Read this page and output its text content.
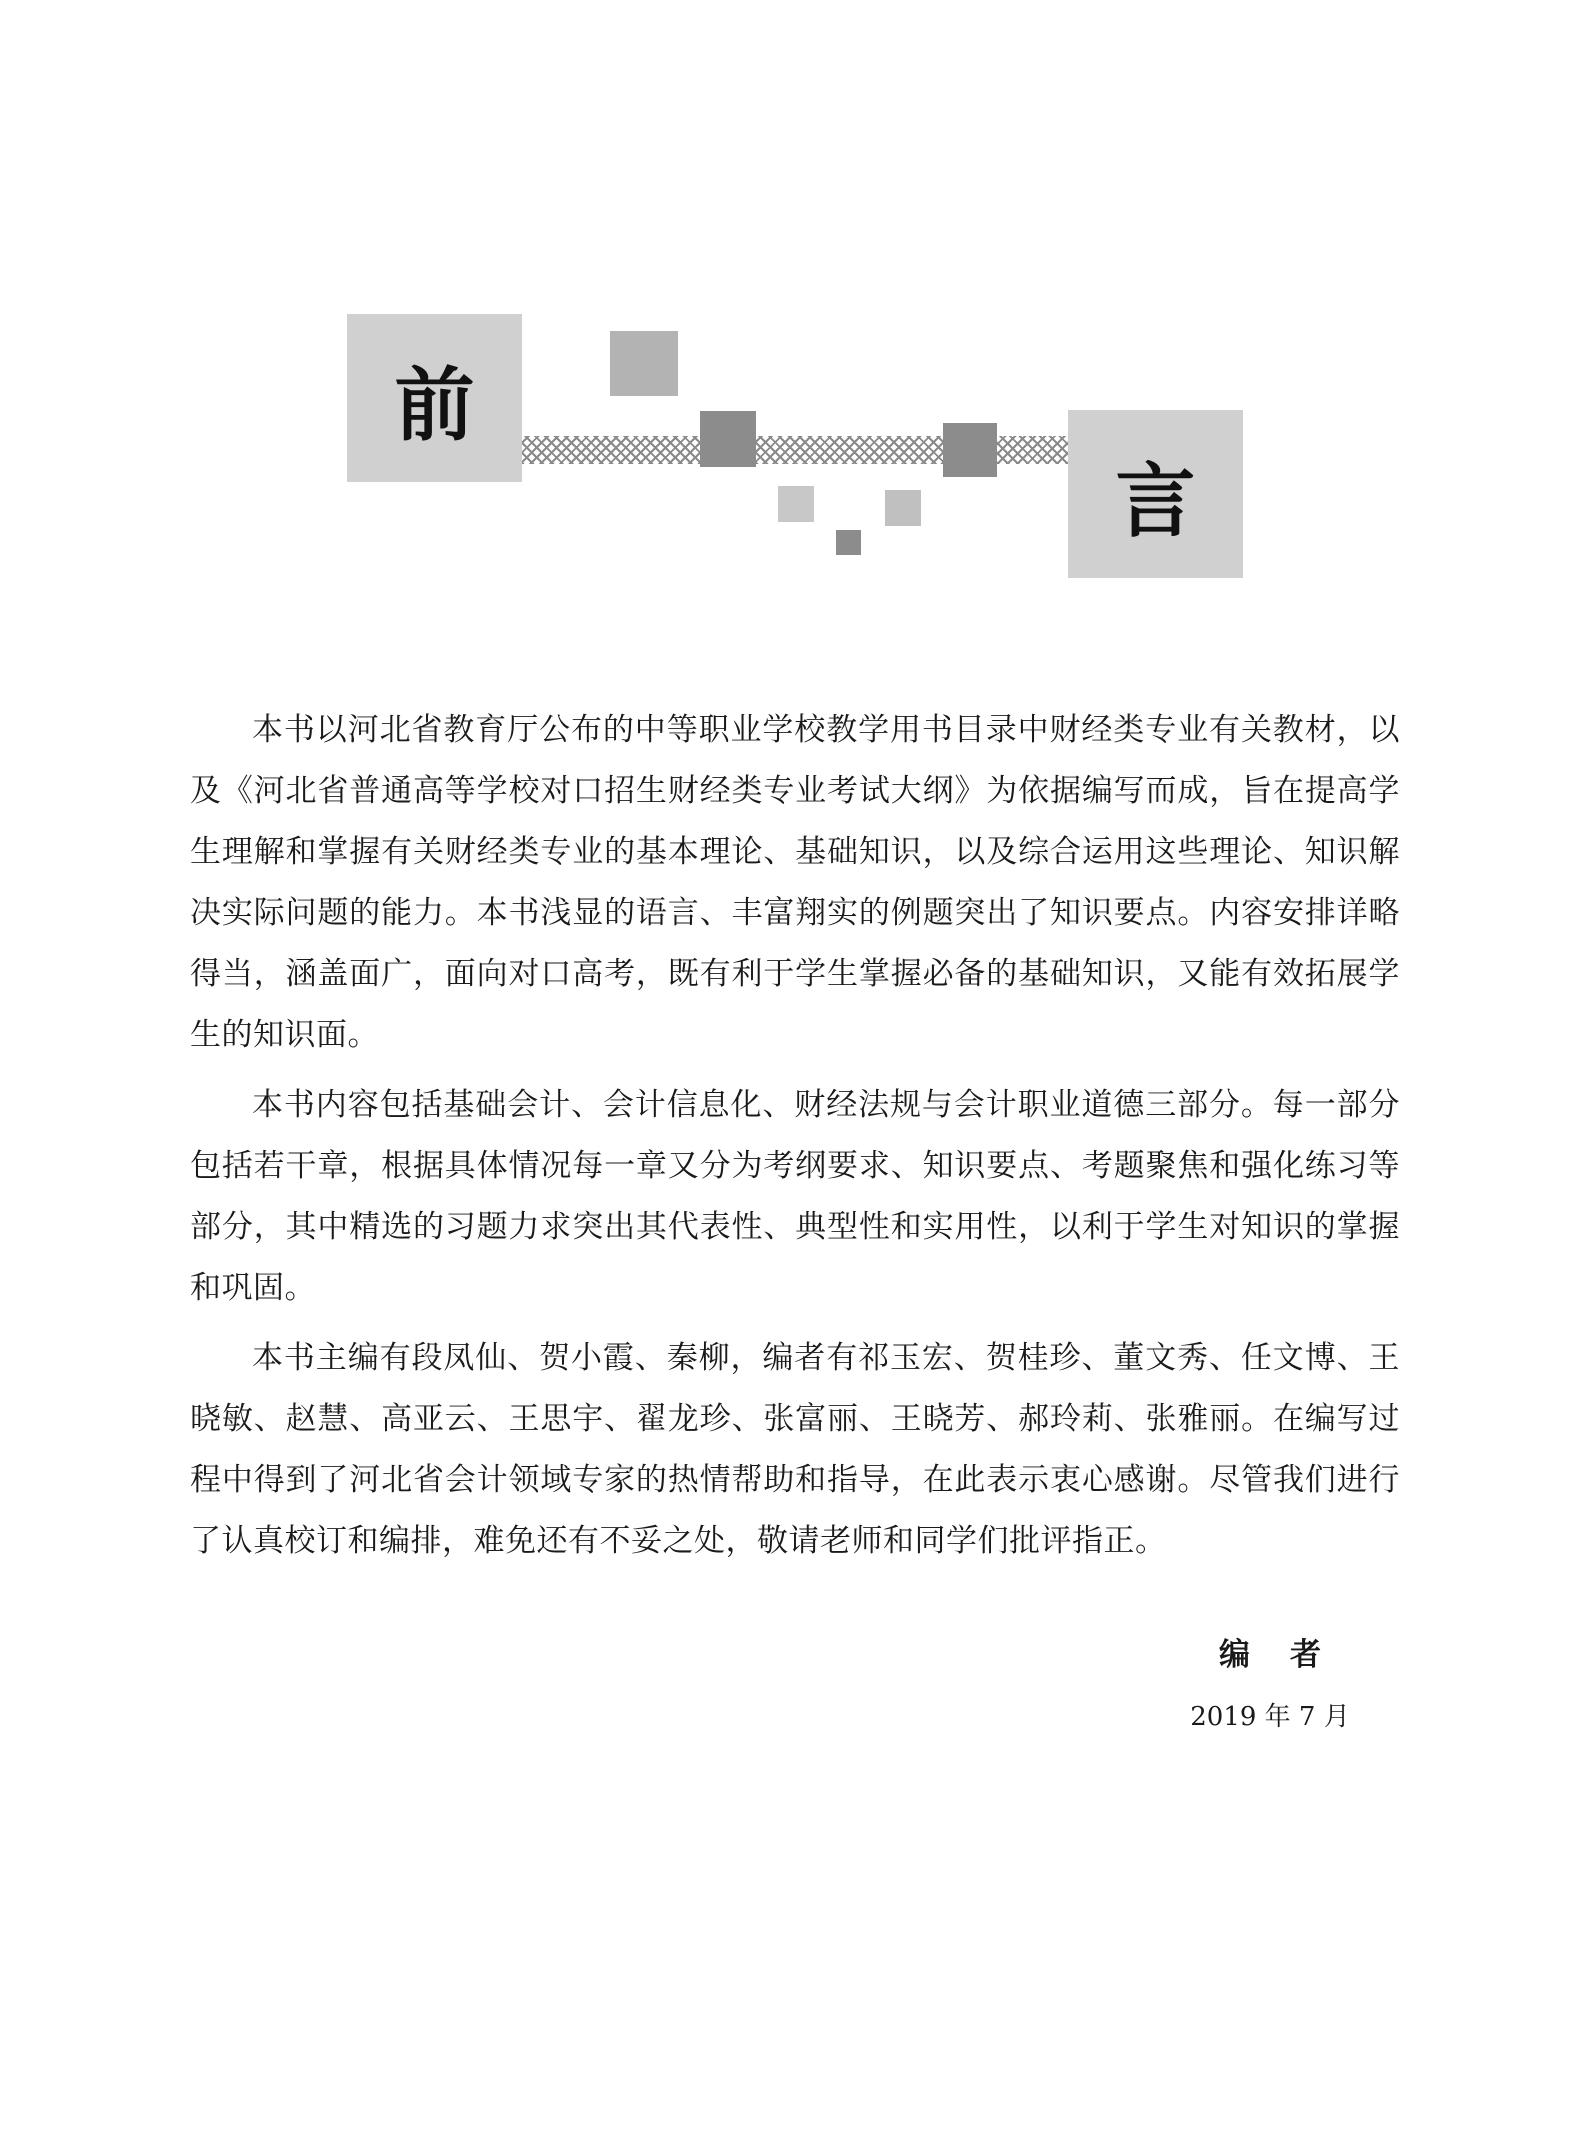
前
言

本书以河北省教育厅公布的中等职业学校教学用书目录中财经类专业有关教材，以及《河北省普通高等学校对口招生财经类专业考试大纲》为依据编写而成，旨在提高学生理解和掌握有关财经类专业的基本理论、基础知识，以及综合运用这些理论、知识解决实际问题的能力。本书浅显的语言、丰富翔实的例题突出了知识要点。内容安排详略得当，涵盖面广，面向对口高考，既有利于学生掌握必备的基础知识，又能有效拓展学生的知识面。

本书内容包括基础会计、会计信息化、财经法规与会计职业道德三部分。每一部分包括若干章，根据具体情况每一章又分为考纲要求、知识要点、考题聚焦和强化练习等部分，其中精选的习题力求突出其代表性、典型性和实用性，以利于学生对知识的掌握和巩固。

本书主编有段凤仙、贺小霞、秦柳，编者有祁玉宏、贺桂珍、董文秀、任文博、王晓敏、赵慧、高亚云、王思宇、翟龙珍、张富丽、王晓芳、郝玲莉、张雅丽。在编写过程中得到了河北省会计领域专家的热情帮助和指导，在此表示衷心感谢。尽管我们进行了认真校订和编排，难免还有不妥之处，敬请老师和同学们批评指正。

编者
2019 年 7 月
